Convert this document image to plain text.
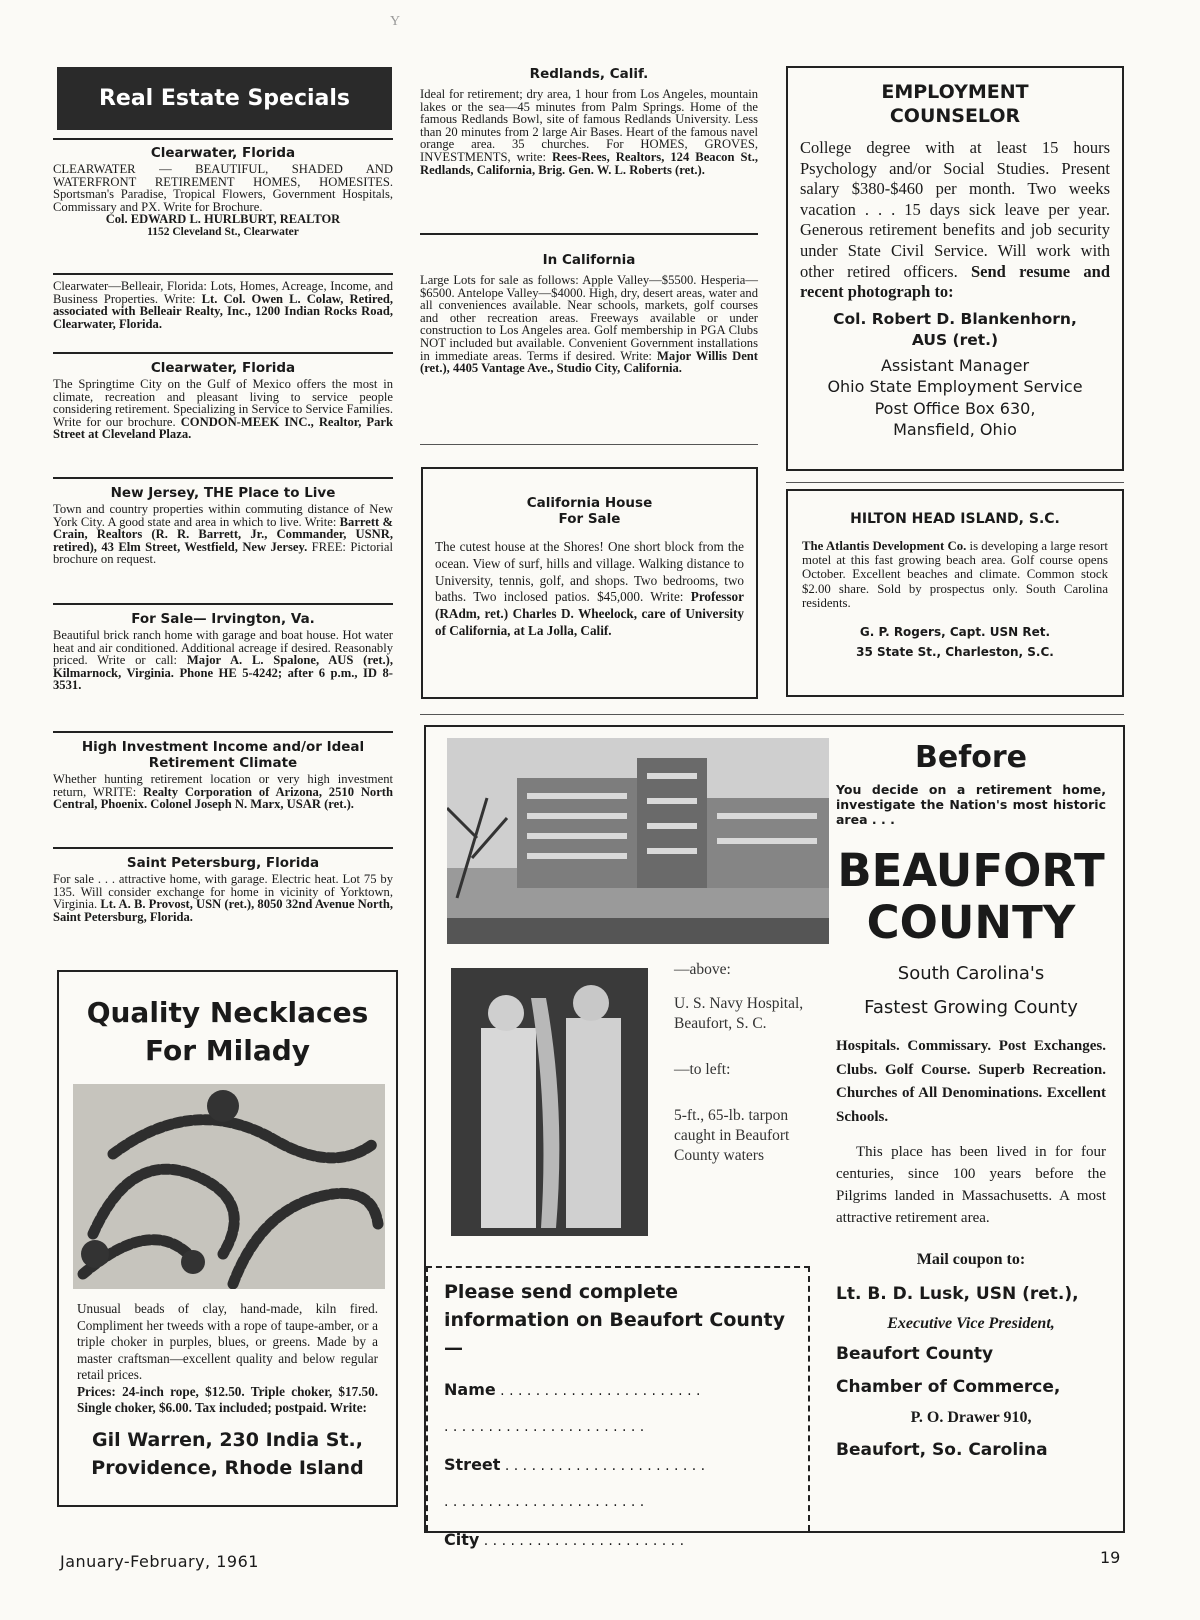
Y
Real Estate Specials
Clearwater, Florida
CLEARWATER — BEAUTIFUL, SHADED AND WATERFRONT RETIREMENT HOMES, HOMESITES. Sportsman's Paradise, Tropical Flowers, Government Hospitals, Commissary and PX. Write for Brochure.
Col. EDWARD L. HURLBURT, REALTOR
1152 Cleveland St., Clearwater
Clearwater—Belleair, Florida: Lots, Homes, Acreage, Income, and Business Properties. Write: Lt. Col. Owen L. Colaw, Retired, associated with Belleair Realty, Inc., 1200 Indian Rocks Road, Clearwater, Florida.
Clearwater, Florida
The Springtime City on the Gulf of Mexico offers the most in climate, recreation and pleasant living to service people considering retirement. Specializing in Service to Service Families. Write for our brochure. CONDON-MEEK INC., Realtor, Park Street at Cleveland Plaza.
New Jersey, THE Place to Live
Town and country properties within commuting distance of New York City. A good state and area in which to live. Write: Barrett & Crain, Realtors (R. R. Barrett, Jr., Commander, USNR, retired), 43 Elm Street, Westfield, New Jersey. FREE: Pictorial brochure on request.
For Sale— Irvington, Va.
Beautiful brick ranch home with garage and boat house. Hot water heat and air conditioned. Additional acreage if desired. Reasonably priced. Write or call: Major A. L. Spalone, AUS (ret.), Kilmarnock, Virginia. Phone HE 5-4242; after 6 p.m., ID 8-3531.
High Investment Income and/or Ideal Retirement Climate
Whether hunting retirement location or very high investment return, WRITE: Realty Corporation of Arizona, 2510 North Central, Phoenix. Colonel Joseph N. Marx, USAR (ret.).
Saint Petersburg, Florida
For sale . . . attractive home, with garage. Electric heat. Lot 75 by 135. Will consider exchange for home in vicinity of Yorktown, Virginia. Lt. A. B. Provost, USN (ret.), 8050 32nd Avenue North, Saint Petersburg, Florida.
Quality Necklaces
For Milady
Unusual beads of clay, hand-made, kiln fired. Compliment her tweeds with a rope of taupe-amber, or a triple choker in purples, blues, or greens. Made by a master craftsman—excellent quality and below regular retail prices.
Prices: 24-inch rope, $12.50. Triple choker, $17.50. Single choker, $6.00. Tax included; postpaid. Write:
Gil Warren, 230 India St.,
Providence, Rhode Island
Redlands, Calif.
Ideal for retirement; dry area, 1 hour from Los Angeles, mountain lakes or the sea—45 minutes from Palm Springs. Home of the famous Redlands Bowl, site of famous Redlands University. Less than 20 minutes from 2 large Air Bases. Heart of the famous navel orange area. 35 churches. For HOMES, GROVES, INVESTMENTS, write: Rees-Rees, Realtors, 124 Beacon St., Redlands, California, Brig. Gen. W. L. Roberts (ret.).
In California
Large Lots for sale as follows: Apple Valley—$5500. Hesperia—$6500. Antelope Valley—$4000. High, dry, desert areas, water and all conveniences available. Near schools, markets, golf courses and other recreation areas. Freeways available or under construction to Los Angeles area. Golf membership in PGA Clubs NOT included but available. Convenient Government installations in immediate areas. Terms if desired. Write: Major Willis Dent (ret.), 4405 Vantage Ave., Studio City, California.
California House
For Sale
The cutest house at the Shores! One short block from the ocean. View of surf, hills and village. Walking distance to University, tennis, golf, and shops. Two bedrooms, two baths. Two inclosed patios. $45,000. Write: Professor (RAdm, ret.) Charles D. Wheelock, care of University of California, at La Jolla, Calif.
EMPLOYMENT
COUNSELOR
College degree with at least 15 hours Psychology and/or Social Studies. Present salary $380-$460 per month. Two weeks vacation . . . 15 days sick leave per year. Generous retirement benefits and job security under State Civil Service. Will work with other retired officers. Send resume and recent photograph to:
Col. Robert D. Blankenhorn,
AUS (ret.)
Assistant Manager
Ohio State Employment Service
Post Office Box 630,
Mansfield, Ohio
HILTON HEAD ISLAND, S.C.
The Atlantis Development Co. is developing a large resort motel at this fast growing beach area. Golf course opens October. Excellent beaches and climate. Common stock $2.00 share. Sold by prospectus only. South Carolina residents.
G. P. Rogers, Capt. USN Ret.
35 State St., Charleston, S.C.
—above:
U. S. Navy Hospital, Beaufort, S. C.
—to left:
5-ft., 65-lb. tarpon caught in Beaufort County waters
Please send complete information on Beaufort County—
Name . . . . . . . . . . . . . . . . . . . . . . .
. . . . . . . . . . . . . . . . . . . . . . .
Street . . . . . . . . . . . . . . . . . . . . . . .
. . . . . . . . . . . . . . . . . . . . . . .
City . . . . . . . . . . . . . . . . . . . . . . .
Before
You decide on a retirement home, investigate the Nation's most historic area . . .
BEAUFORT
COUNTY
South Carolina's
Fastest Growing County
Hospitals. Commissary. Post Exchanges. Clubs. Golf Course. Superb Recreation. Churches of All Denominations. Excellent Schools.
This place has been lived in for four centuries, since 100 years before the Pilgrims landed in Massachusetts. A most attractive retirement area.
Mail coupon to:
Lt. B. D. Lusk, USN (ret.),
Executive Vice President,
Beaufort County
Chamber of Commerce,
P. O. Drawer 910,
Beaufort, So. Carolina
January-February, 1961	19
